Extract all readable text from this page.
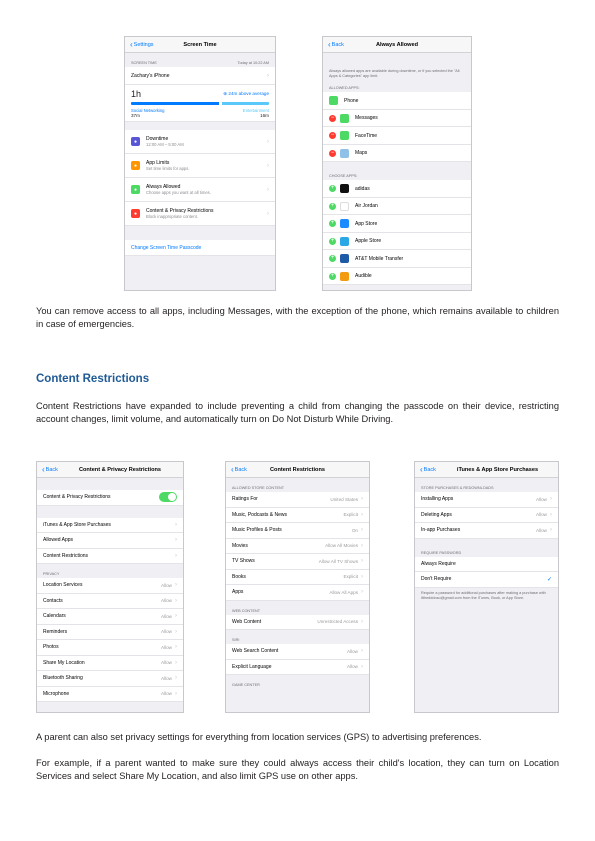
‹ Settings	Screen Time
SCREEN TIME	Today at 10:22 AM
Zachary's iPhone	›
1h	⊕ 24m above average
Social Networking	Entertainment
37m	16m
●	Downtime
12:00 AM – 5:00 AM	›
●	App Limits
Set time limits for apps.	›
●	Always Allowed
Choose apps you want at all times.	›
●	Content & Privacy Restrictions
Block inappropriate content.	›
Change Screen Time Passcode
‹ Back	Always Allowed
Always allowed apps are available during downtime, or if you selected the "All Apps & Categories" app limit.
ALLOWED APPS:
Phone
−	Messages
−	FaceTime
−	Maps
CHOOSE APPS:
+	adidas
+	Air Jordan
+	App Store
+	Apple Store
+	AT&T Mobile Transfer
+	Audible
You can remove access to all apps, including Messages, with the exception of the phone, which remains available to children in case of emergencies.
Content Restrictions
Content Restrictions have expanded to include preventing a child from changing the passcode on their device, restricting account changes, limit volume, and automatically turn on Do Not Disturb While Driving.
‹ Back	Content & Privacy Restrictions
Content & Privacy Restrictions
iTunes & App Store Purchases	›
Allowed Apps	›
Content Restrictions	›
PRIVACY
Location Services	Allow ›
Contacts	Allow ›
Calendars	Allow ›
Reminders	Allow ›
Photos	Allow ›
Share My Location	Allow ›
Bluetooth Sharing	Allow ›
Microphone	Allow ›
‹ Back	Content Restrictions
ALLOWED STORE CONTENT
Ratings For	United States ›
Music, Podcasts & News	Explicit ›
Music Profiles & Posts	On ›
Movies	Allow All Movies ›
TV Shows	Allow All TV Shows ›
Books	Explicit ›
Apps	Allow All Apps ›
WEB CONTENT
Web Content	Unrestricted Access ›
SIRI
Web Search Content	Allow ›
Explicit Language	Allow ›
GAME CENTER
‹ Back	iTunes & App Store Purchases
STORE PURCHASES & REDOWNLOADS
Installing Apps	Allow ›
Deleting Apps	Allow ›
In-app Purchases	Allow ›
REQUIRE PASSWORD
Always Require
Don't Require	✓
Require a password for additional purchases after making a purchase with ltthedddoso@gmail.com from the iTunes, Book, or App Store.
A parent can also set privacy settings for everything from location services (GPS) to advertising preferences.
For example, if a parent wanted to make sure they could always access their child's location, they can turn on Location Services and select Share My Location, and also limit GPS use on other apps.
